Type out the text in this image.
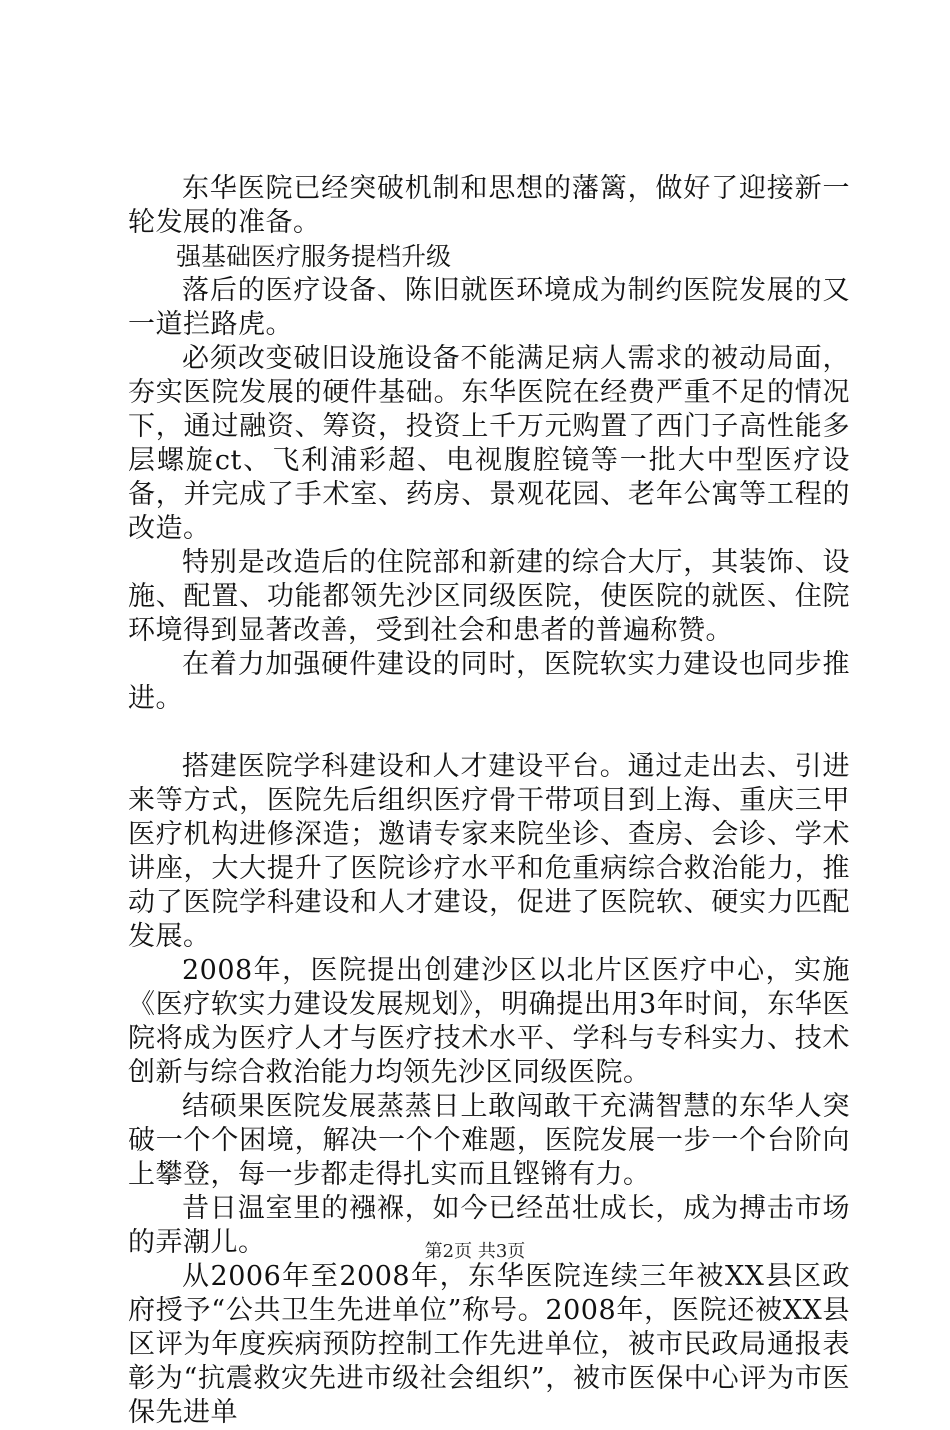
东华医院已经突破机制和思想的藩篱，做好了迎接新一轮发展的准备。

强基础医疗服务提档升级

落后的医疗设备、陈旧就医环境成为制约医院发展的又一道拦路虎。

必须改变破旧设施设备不能满足病人需求的被动局面，夯实医院发展的硬件基础。东华医院在经费严重不足的情况下，通过融资、筹资，投资上千万元购置了西门子高性能多层螺旋ct、飞利浦彩超、电视腹腔镜等一批大中型医疗设备，并完成了手术室、药房、景观花园、老年公寓等工程的改造。

特别是改造后的住院部和新建的综合大厅，其装饰、设施、配置、功能都领先沙区同级医院，使医院的就医、住院环境得到显著改善，受到社会和患者的普遍称赞。

在着力加强硬件建设的同时，医院软实力建设也同步推进。

搭建医院学科建设和人才建设平台。通过走出去、引进来等方式，医院先后组织医疗骨干带项目到上海、重庆三甲医疗机构进修深造；邀请专家来院坐诊、查房、会诊、学术讲座，大大提升了医院诊疗水平和危重病综合救治能力，推动了医院学科建设和人才建设，促进了医院软、硬实力匹配发展。

2008年，医院提出创建沙区以北片区医疗中心，实施《医疗软实力建设发展规划》，明确提出用3年时间，东华医院将成为医疗人才与医疗技术水平、学科与专科实力、技术创新与综合救治能力均领先沙区同级医院。

结硕果医院发展蒸蒸日上敢闯敢干充满智慧的东华人突破一个个困境，解决一个个难题，医院发展一步一个台阶向上攀登，每一步都走得扎实而且铿锵有力。

昔日温室里的襁褓，如今已经茁壮成长，成为搏击市场的弄潮儿。

从2006年至2008年，东华医院连续三年被XX县区政府授予“公共卫生先进单位”称号。2008年，医院还被XX县区评为年度疾病预防控制工作先进单位，被市民政局通报表彰为“抗震救灾先进市级社会组织”，被市医保中心评为市医保先进单

第2页 共3页
